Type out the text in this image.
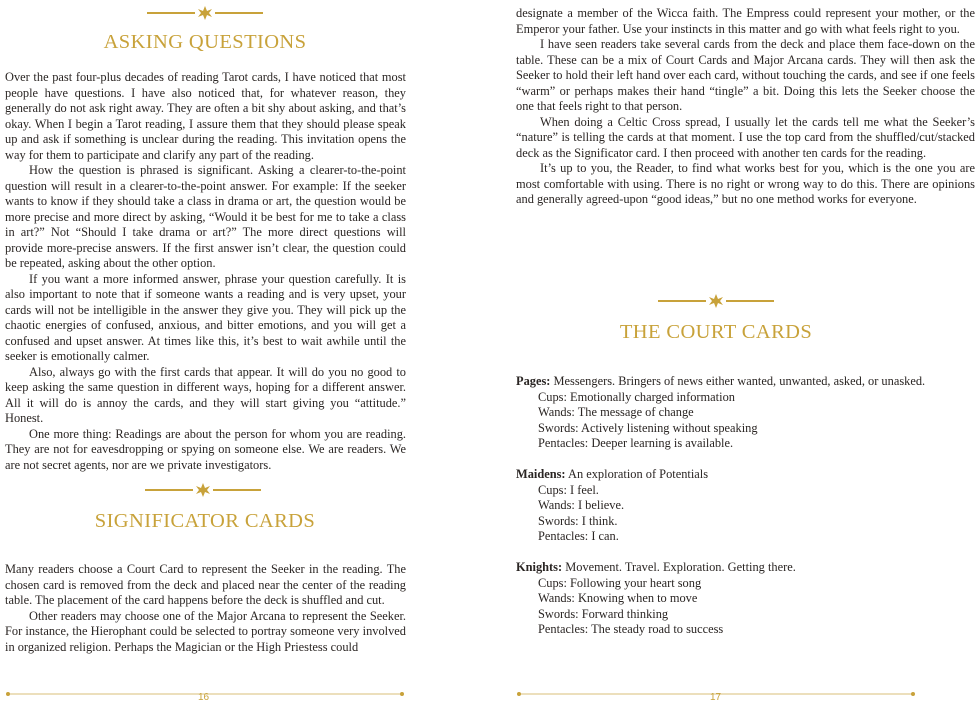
ASKING QUESTIONS

Over the past four-plus decades of reading Tarot cards, I have noticed that most people have questions. I have also noticed that, for whatever reason, they generally do not ask right away. They are often a bit shy about asking, and that’s okay. When I begin a Tarot reading, I assure them that they should please speak up and ask if something is unclear during the reading. This invitation opens the way for them to participate and clarify any part of the reading.

How the question is phrased is significant. Asking a clearer-to-the-point question will result in a clearer-to-the-point answer. For example: If the seeker wants to know if they should take a class in drama or art, the question would be more precise and more direct by asking, “Would it be best for me to take a class in art?” Not “Should I take drama or art?” The more direct questions will provide more-precise answers. If the first answer isn’t clear, the question could be repeated, asking about the other option.

If you want a more informed answer, phrase your question carefully. It is also important to note that if someone wants a reading and is very upset, your cards will not be intelligible in the answer they give you. They will pick up the chaotic energies of confused, anxious, and bitter emotions, and you will get a confused and upset answer. At times like this, it’s best to wait awhile until the seeker is emotionally calmer.

Also, always go with the first cards that appear. It will do you no good to keep asking the same question in different ways, hoping for a different answer. All it will do is annoy the cards, and they will start giving you “attitude.” Honest.

One more thing: Readings are about the person for whom you are reading. They are not for eavesdropping or spying on someone else. We are readers. We are not secret agents, nor are we private investigators.

SIGNIFICATOR CARDS

Many readers choose a Court Card to represent the Seeker in the reading. The chosen card is removed from the deck and placed near the center of the reading table. The placement of the card happens before the deck is shuffled and cut.

Other readers may choose one of the Major Arcana to represent the Seeker. For instance, the Hierophant could be selected to portray someone very involved in organized religion. Perhaps the Magician or the High Priestess could

16

designate a member of the Wicca faith. The Empress could represent your mother, or the Emperor your father. Use your instincts in this matter and go with what feels right to you.

I have seen readers take several cards from the deck and place them face-down on the table. These can be a mix of Court Cards and Major Arcana cards. They will then ask the Seeker to hold their left hand over each card, without touching the cards, and see if one feels “warm” or perhaps makes their hand “tingle” a bit. Doing this lets the Seeker choose the one that feels right to that person.

When doing a Celtic Cross spread, I usually let the cards tell me what the Seeker’s “nature” is telling the cards at that moment. I use the top card from the shuffled/cut/stacked deck as the Significator card. I then proceed with another ten cards for the reading.

It’s up to you, the Reader, to find what works best for you, which is the one you are most comfortable with using. There is no right or wrong way to do this. There are opinions and generally agreed-upon “good ideas,” but no one method works for everyone.

THE COURT CARDS
Pages: Messengers. Bringers of news either wanted, unwanted, asked, or unasked.
Cups: Emotionally charged information
Wands: The message of change
Swords: Actively listening without speaking
Pentacles: Deeper learning is available.
Maidens: An exploration of Potentials
Cups: I feel.
Wands: I believe.
Swords: I think.
Pentacles: I can.
Knights: Movement. Travel. Exploration. Getting there.
Cups: Following your heart song
Wands: Knowing when to move
Swords: Forward thinking
Pentacles: The steady road to success
17
